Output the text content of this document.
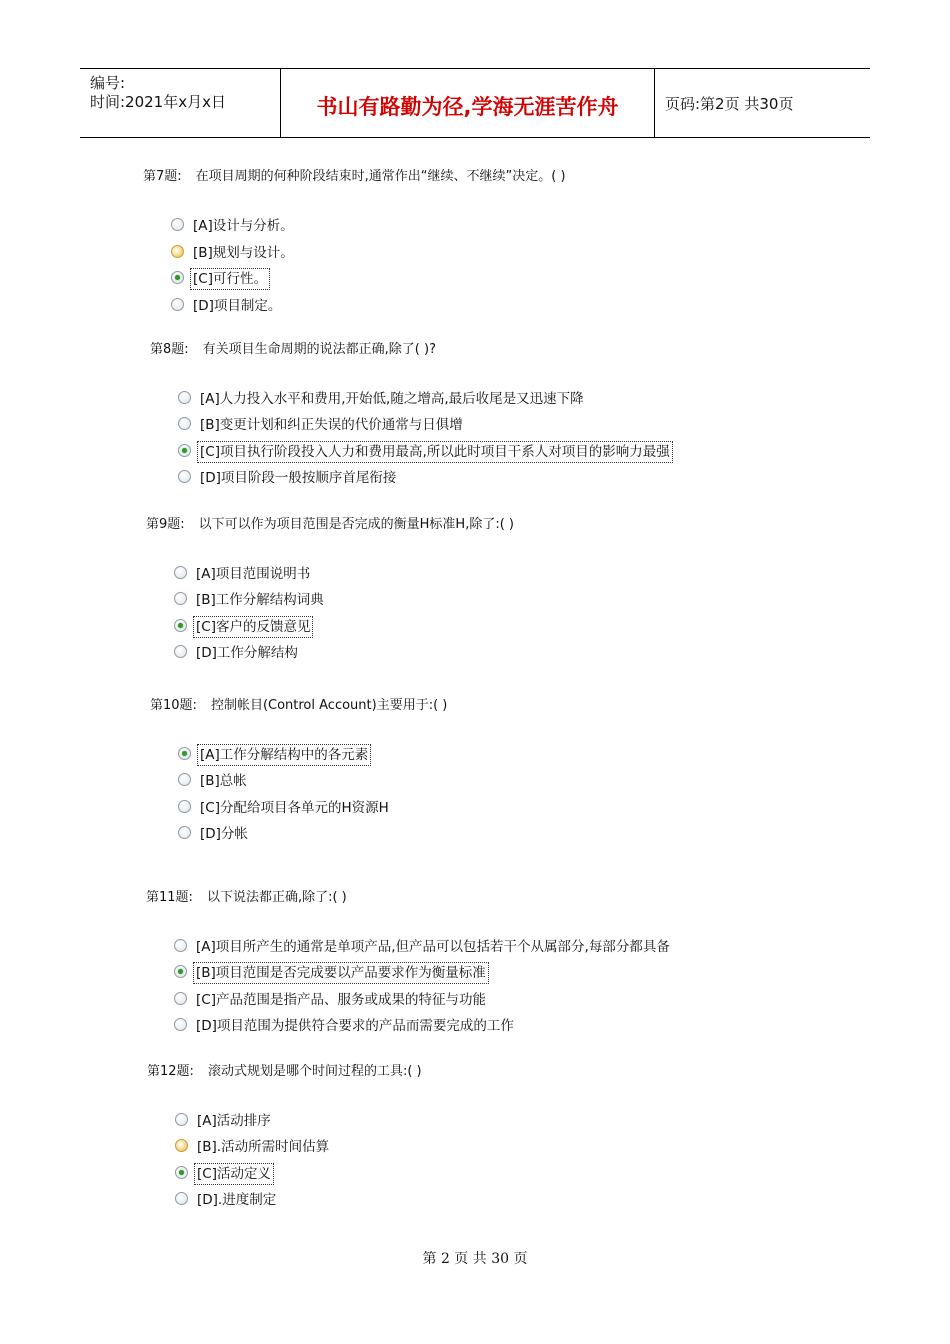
编号:
时间:2021年x月x日	书山有路勤为径,学海无涯苦作舟	页码:第2页 共30页
第7题: 在项目周期的何种阶段结束时,通常作出“继续、不继续”决定。( )
[A]设计与分析。
[B]规划与设计。
[C]可行性。
[D]项目制定。
第8题: 有关项目生命周期的说法都正确,除了( )?
[A]人力投入水平和费用,开始低,随之增高,最后收尾是又迅速下降
[B]变更计划和纠正失误的代价通常与日俱增
[C]项目执行阶段投入人力和费用最高,所以此时项目干系人对项目的影响力最强
[D]项目阶段一般按顺序首尾衔接
第9题: 以下可以作为项目范围是否完成的衡量H标准H,除了:( )
[A]项目范围说明书
[B]工作分解结构词典
[C]客户的反馈意见
[D]工作分解结构
第10题: 控制帐目(Control Account)主要用于:( )
[A]工作分解结构中的各元素
[B]总帐
[C]分配给项目各单元的H资源H
[D]分帐
第11题: 以下说法都正确,除了:( )
[A]项目所产生的通常是单项产品,但产品可以包括若干个从属部分,每部分都具备
[B]项目范围是否完成要以产品要求作为衡量标准
[C]产品范围是指产品、服务或成果的特征与功能
[D]项目范围为提供符合要求的产品而需要完成的工作
第12题: 滚动式规划是哪个时间过程的工具:( )
[A]活动排序
[B].活动所需时间估算
[C]活动定义
[D].进度制定
第 2 页 共 30 页
